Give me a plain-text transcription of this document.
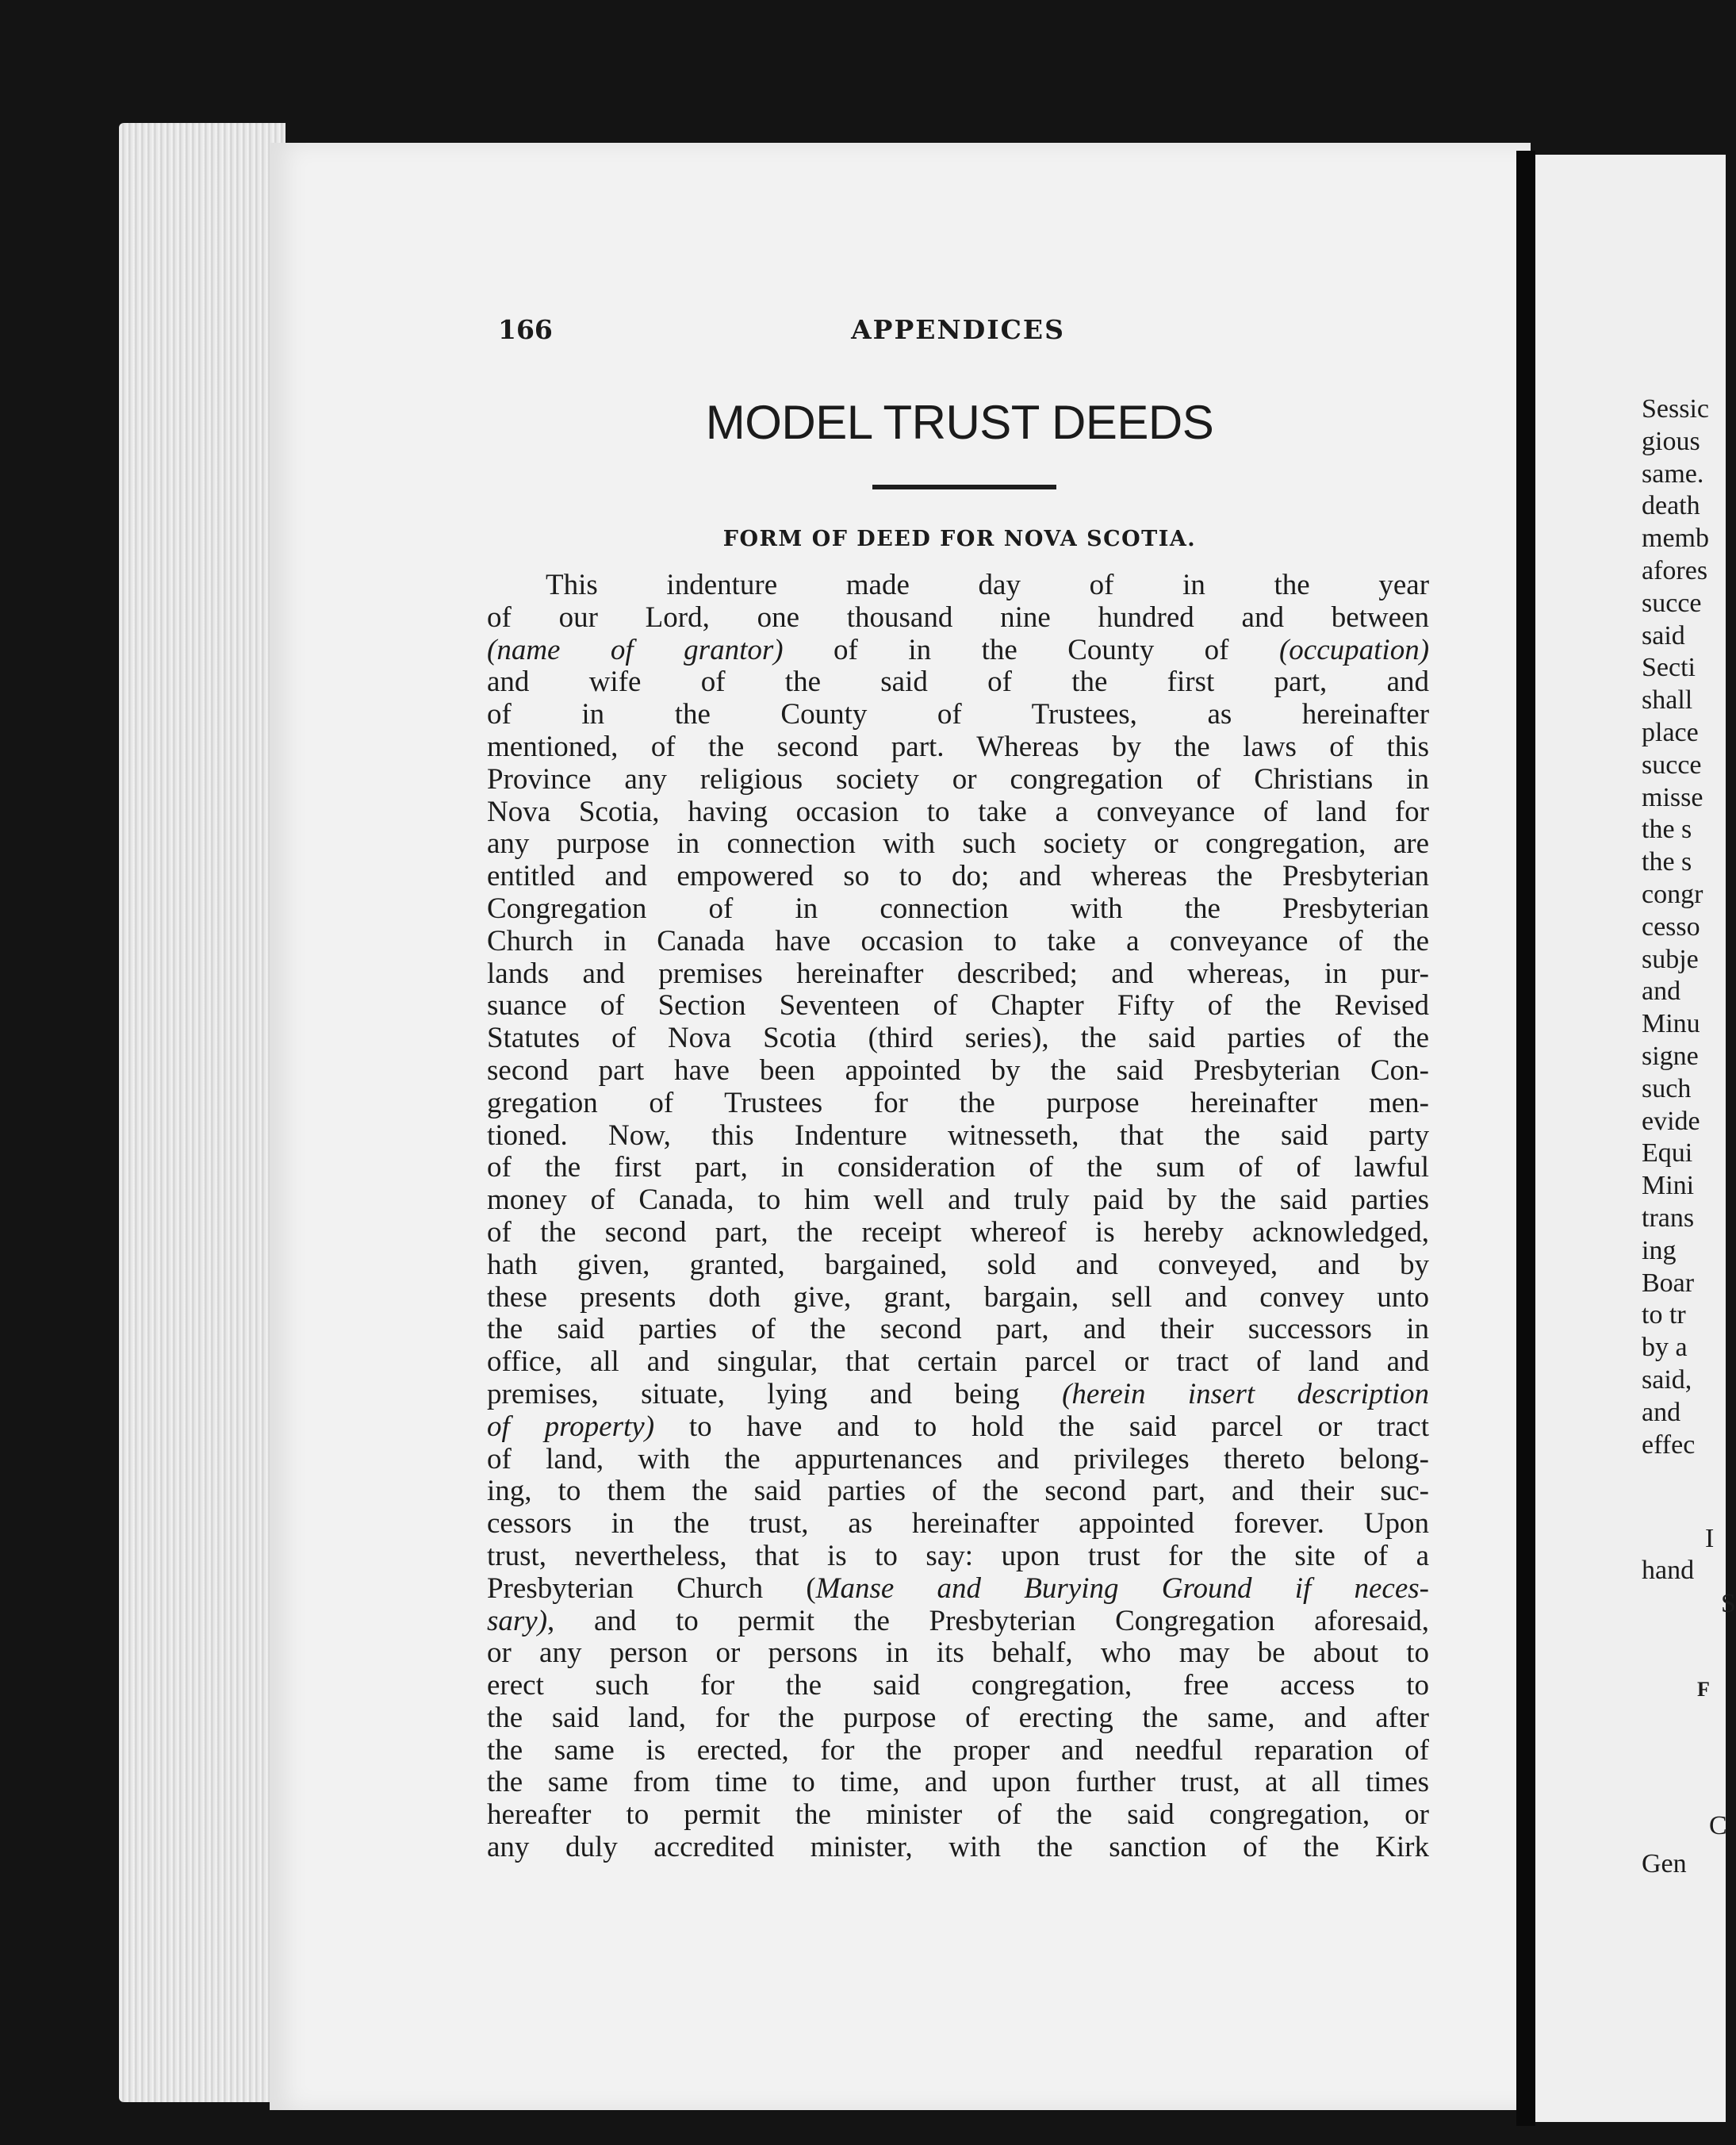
166	APPENDICES
MODEL TRUST DEEDS
FORM OF DEED FOR NOVA SCOTIA.
This indenture made day of in the year
of our Lord, one thousand nine hundred and between
(name of grantor) of in the County of (occupation)
and wife of the said of the first part, and
of in the County of Trustees, as hereinafter
mentioned, of the second part. Whereas by the laws of this
Province any religious society or congregation of Christians in
Nova Scotia, having occasion to take a conveyance of land for
any purpose in connection with such society or congregation, are
entitled and empowered so to do; and whereas the Presbyterian
Congregation of in connection with the Presbyterian
Church in Canada have occasion to take a conveyance of the
lands and premises hereinafter described; and whereas, in pur-
suance of Section Seventeen of Chapter Fifty of the Revised
Statutes of Nova Scotia (third series), the said parties of the
second part have been appointed by the said Presbyterian Con-
gregation of Trustees for the purpose hereinafter men-
tioned. Now, this Indenture witnesseth, that the said party
of the first part, in consideration of the sum of of lawful
money of Canada, to him well and truly paid by the said parties
of the second part, the receipt whereof is hereby acknowledged,
hath given, granted, bargained, sold and conveyed, and by
these presents doth give, grant, bargain, sell and convey unto
the said parties of the second part, and their successors in
office, all and singular, that certain parcel or tract of land and
premises, situate, lying and being (herein insert description
of property) to have and to hold the said parcel or tract
of land, with the appurtenances and privileges thereto belong-
ing, to them the said parties of the second part, and their suc-
cessors in the trust, as hereinafter appointed forever. Upon
trust, nevertheless, that is to say: upon trust for the site of a
Presbyterian Church (Manse and Burying Ground if neces-
sary), and to permit the Presbyterian Congregation aforesaid,
or any person or persons in its behalf, who may be about to
erect such for the said congregation, free access to
the said land, for the purpose of erecting the same, and after
the same is erected, for the proper and needful reparation of
the same from time to time, and upon further trust, at all times
hereafter to permit the minister of the said congregation, or
any duly accredited minister, with the sanction of the Kirk
Sessic
gious
same.
death
memb
afores
succe
said
Secti
shall
place
succe
misse
the s
the s
congr
cesso
subje
and
Minu
signe
such
evide
Equi
Mini
trans
ing
Boar
to tr
by a
said,
and
effec
I
hand
S
F
C
Gen
